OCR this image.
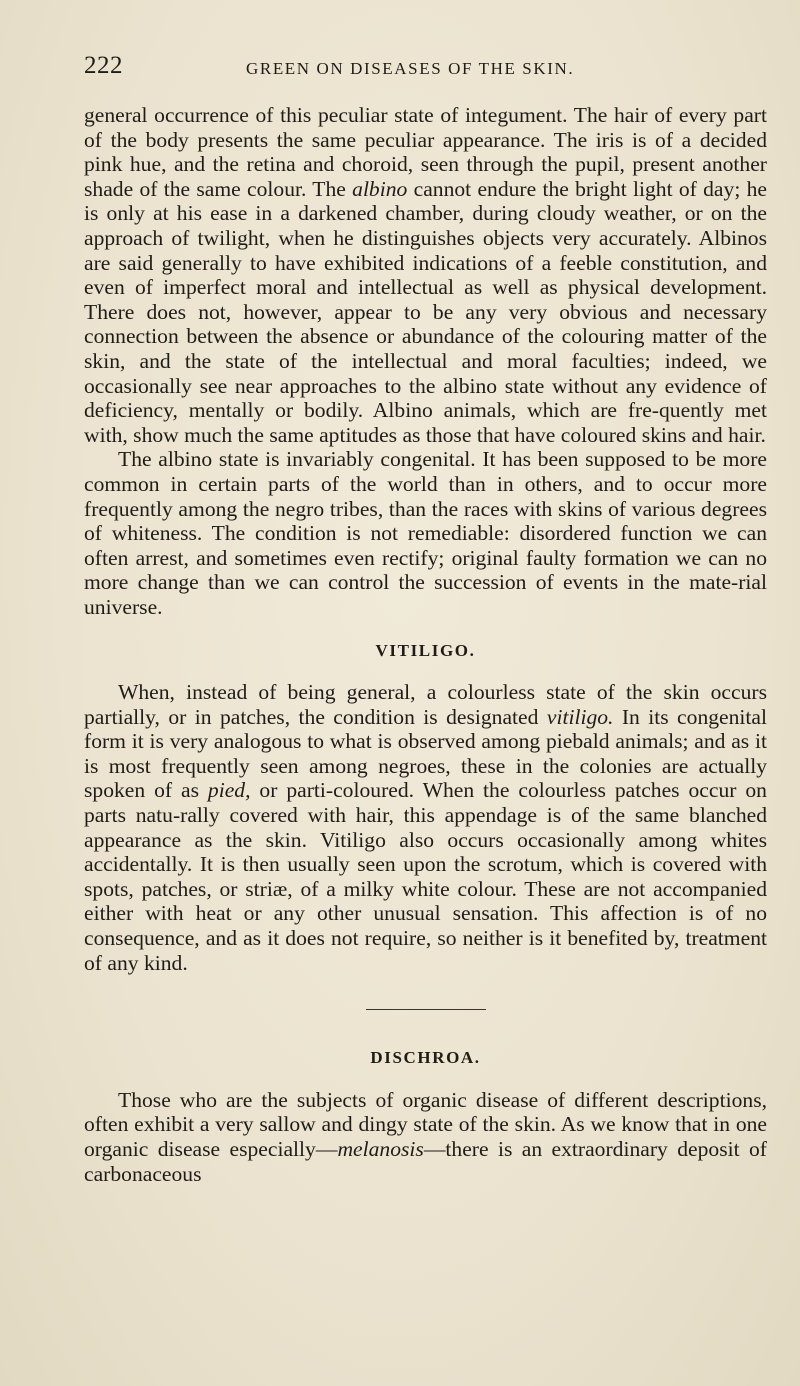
222	GREEN ON DISEASES OF THE SKIN.

general occurrence of this peculiar state of integument. The hair of every part of the body presents the same peculiar appearance. The iris is of a decided pink hue, and the retina and choroid, seen through the pupil, present another shade of the same colour. The albino cannot endure the bright light of day; he is only at his ease in a darkened chamber, during cloudy weather, or on the approach of twilight, when he distinguishes objects very accurately. Albinos are said generally to have exhibited indications of a feeble constitution, and even of imperfect moral and intellectual as well as physical development. There does not, however, appear to be any very obvious and necessary connection between the absence or abundance of the colouring matter of the skin, and the state of the intellectual and moral faculties; indeed, we occasionally see near approaches to the albino state without any evidence of deficiency, mentally or bodily. Albino animals, which are fre-quently met with, show much the same aptitudes as those that have coloured skins and hair.

The albino state is invariably congenital. It has been supposed to be more common in certain parts of the world than in others, and to occur more frequently among the negro tribes, than the races with skins of various degrees of whiteness. The condition is not remediable: disordered function we can often arrest, and sometimes even rectify; original faulty formation we can no more change than we can control the succession of events in the mate-rial universe.

VITILIGO.

When, instead of being general, a colourless state of the skin occurs partially, or in patches, the condition is designated vitiligo. In its congenital form it is very analogous to what is observed among piebald animals; and as it is most frequently seen among negroes, these in the colonies are actually spoken of as pied, or parti-coloured. When the colourless patches occur on parts natu-rally covered with hair, this appendage is of the same blanched appearance as the skin. Vitiligo also occurs occasionally among whites accidentally. It is then usually seen upon the scrotum, which is covered with spots, patches, or striæ, of a milky white colour. These are not accompanied either with heat or any other unusual sensation. This affection is of no consequence, and as it does not require, so neither is it benefited by, treatment of any kind.

DISCHROA.

Those who are the subjects of organic disease of different descriptions, often exhibit a very sallow and dingy state of the skin. As we know that in one organic disease especially—melanosis—there is an extraordinary deposit of carbonaceous
